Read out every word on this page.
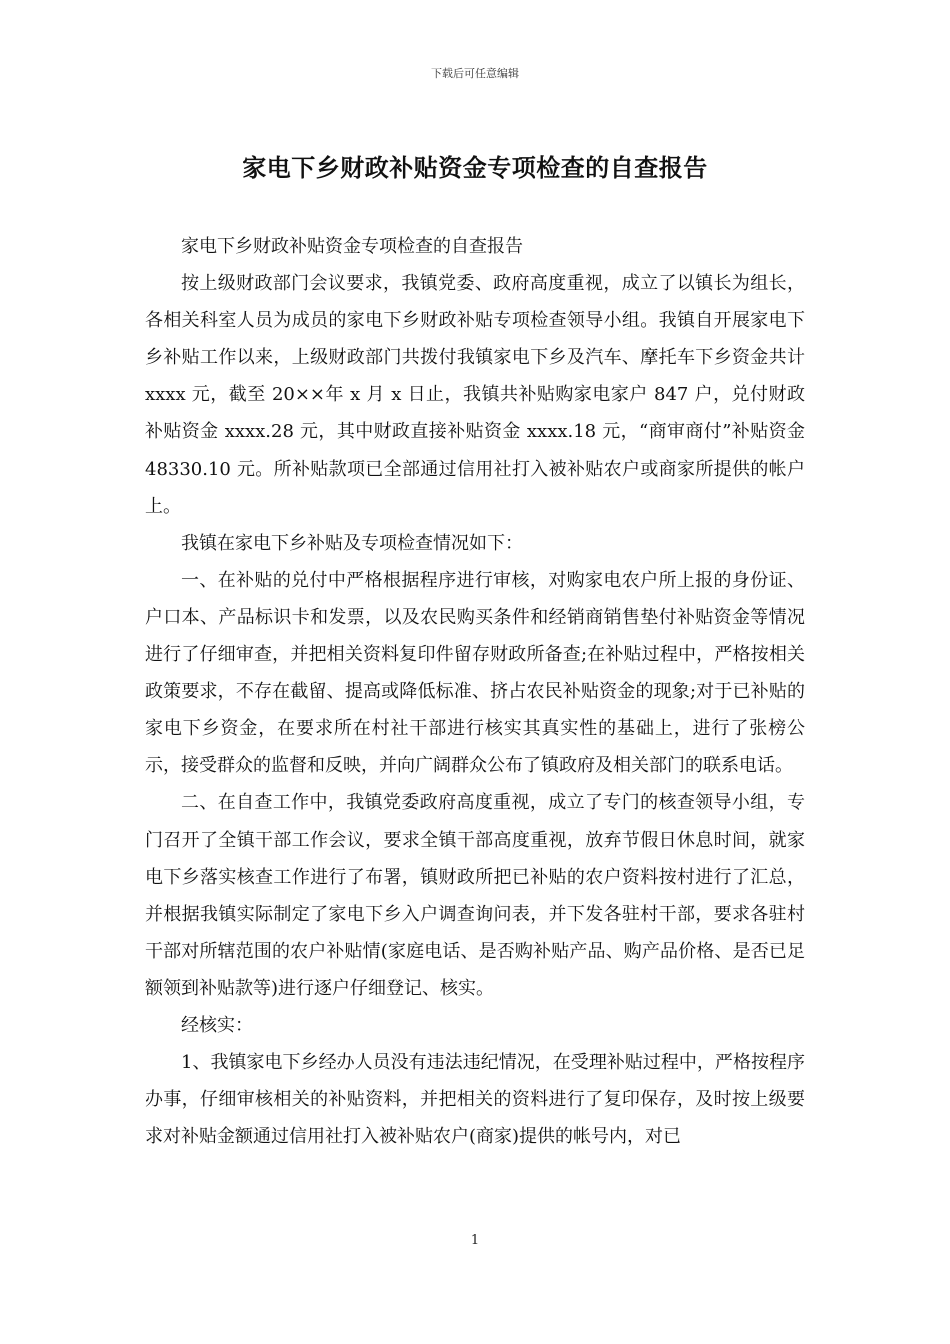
下载后可任意编辑
家电下乡财政补贴资金专项检查的自查报告

家电下乡财政补贴资金专项检查的自查报告

按上级财政部门会议要求，我镇党委、政府高度重视，成立了以镇长为组长，各相关科室人员为成员的家电下乡财政补贴专项检查领导小组。我镇自开展家电下乡补贴工作以来，上级财政部门共拨付我镇家电下乡及汽车、摩托车下乡资金共计 xxxx 元，截至 20××年 x 月 x 日止，我镇共补贴购家电家户 847 户，兑付财政补贴资金 xxxx.28 元，其中财政直接补贴资金 xxxx.18 元，“商审商付”补贴资金 48330.10 元。所补贴款项已全部通过信用社打入被补贴农户或商家所提供的帐户上。

我镇在家电下乡补贴及专项检查情况如下：

一、在补贴的兑付中严格根据程序进行审核，对购家电农户所上报的身份证、户口本、产品标识卡和发票，以及农民购买条件和经销商销售垫付补贴资金等情况进行了仔细审查，并把相关资料复印件留存财政所备查;在补贴过程中，严格按相关政策要求，不存在截留、提高或降低标准、挤占农民补贴资金的现象;对于已补贴的家电下乡资金，在要求所在村社干部进行核实其真实性的基础上，进行了张榜公示，接受群众的监督和反映，并向广阔群众公布了镇政府及相关部门的联系电话。

二、在自查工作中，我镇党委政府高度重视，成立了专门的核查领导小组，专门召开了全镇干部工作会议，要求全镇干部高度重视，放弃节假日休息时间，就家电下乡落实核查工作进行了布署，镇财政所把已补贴的农户资料按村进行了汇总，并根据我镇实际制定了家电下乡入户调查询问表，并下发各驻村干部，要求各驻村干部对所辖范围的农户补贴情(家庭电话、是否购补贴产品、购产品价格、是否已足额领到补贴款等)进行逐户仔细登记、核实。

经核实：

1、我镇家电下乡经办人员没有违法违纪情况，在受理补贴过程中，严格按程序办事，仔细审核相关的补贴资料，并把相关的资料进行了复印保存，及时按上级要求对补贴金额通过信用社打入被补贴农户(商家)提供的帐号内，对已

1
